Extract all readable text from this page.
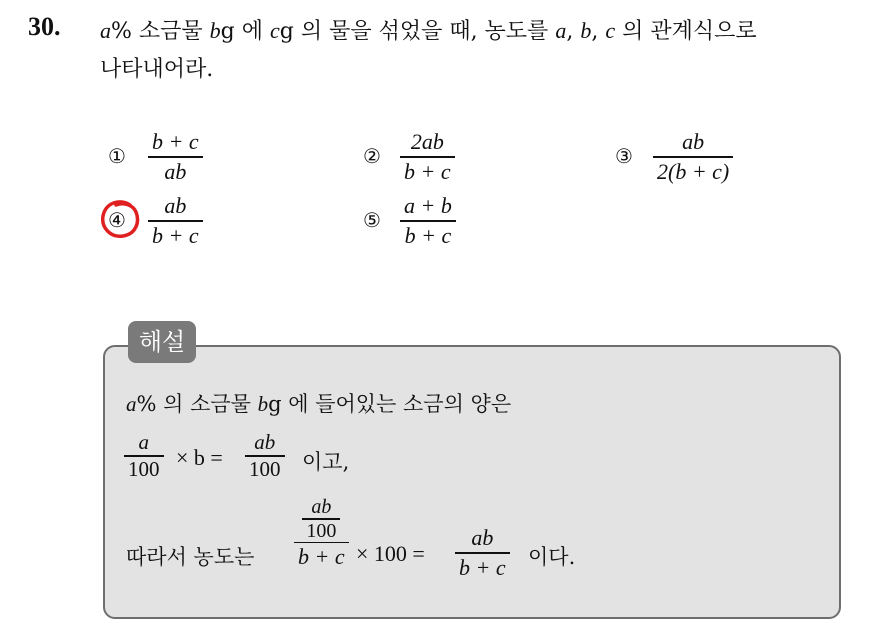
30. a% 소금물 bg 에 cg 의 물을 섞었을 때, 농도를 a, b, c 의 관계식으로
나타내어라.
①
b + c
ab
②
2ab
b + c
③
ab
2(b + c)
④
ab
b + c
⑤
a + b
b + c
해설
a% 의 소금물 bg 에 들어있는 소금의 양은
a
100 × b =
ab
100 이고,
따라서 농도는
$\frac{ab}{100}$
b + c × 100 =
ab
b + c 이다.
